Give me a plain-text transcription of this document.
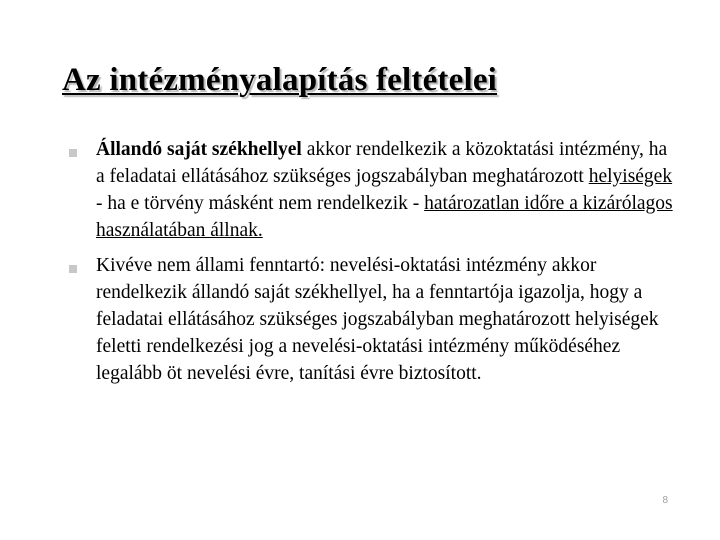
Az intézményalapítás feltételei
Állandó saját székhellyel akkor rendelkezik a közoktatási intézmény, ha a feladatai ellátásához szükséges jogszabályban meghatározott helyiségek - ha e törvény másként nem rendelkezik - határozatlan időre a kizárólagos használatában állnak.
Kivéve nem állami fenntartó: nevelési-oktatási intézmény akkor rendelkezik állandó saját székhellyel, ha a fenntartója igazolja, hogy a feladatai ellátásához szükséges jogszabályban meghatározott helyiségek feletti rendelkezési jog a nevelési-oktatási intézmény működéséhez legalább öt nevelési évre, tanítási évre biztosított.
8
